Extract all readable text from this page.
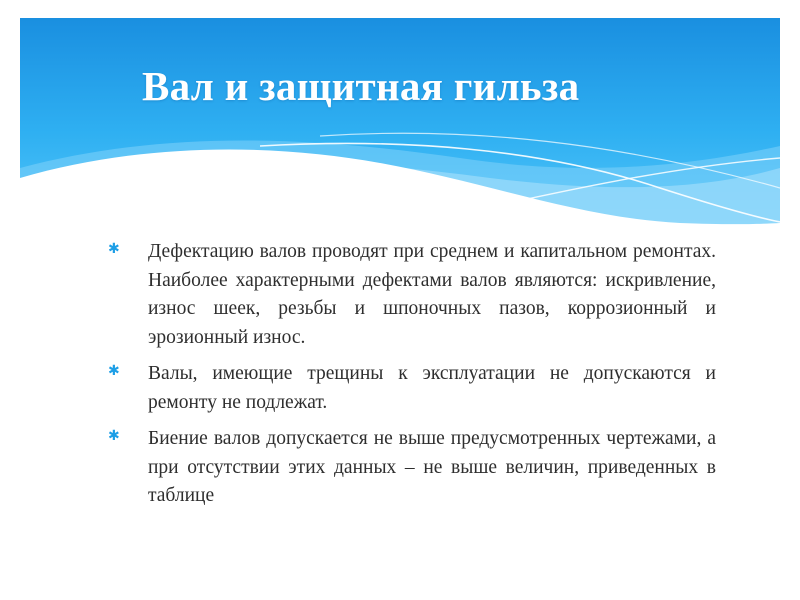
Вал и защитная гильза
✱ Дефектацию валов проводят при среднем и капитальном ремонтах. Наиболее характерными дефектами валов являются: искривление, износ шеек, резьбы и шпоночных пазов, коррозионный и эрозионный износ.
✱ Валы, имеющие трещины к эксплуатации не допускаются и ремонту не подлежат.
✱ Биение валов допускается не выше предусмотренных чертежами, а при отсутствии этих данных – не выше величин, приведенных в таблице
